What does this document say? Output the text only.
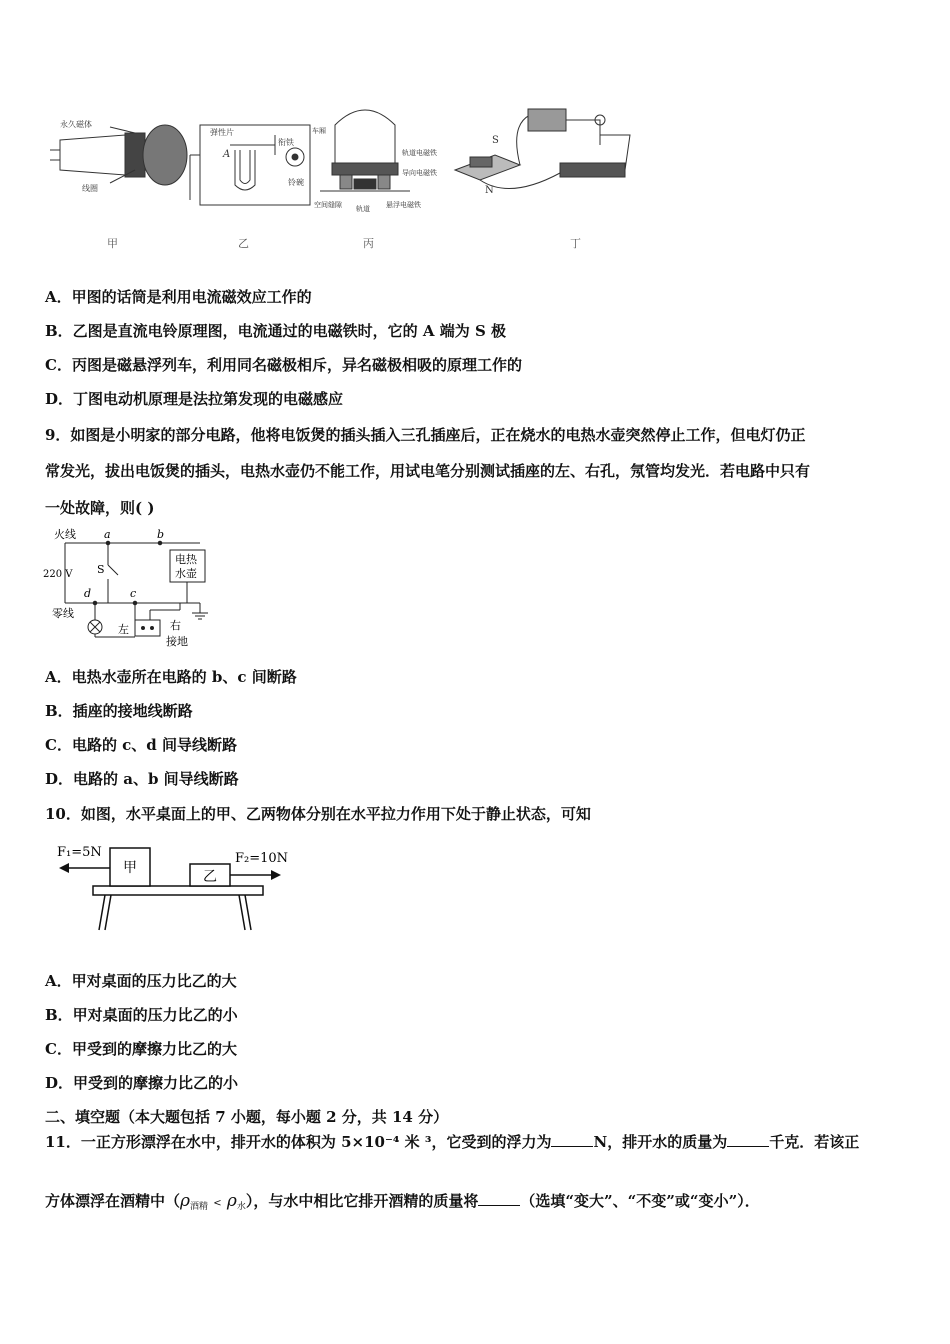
永久磁体
线圈
弹性片
衔铁
铃碗
A
车厢
轨道电磁铁
导向电磁铁
空间缝隙 轨道 悬浮电磁铁
S
N
甲	乙	丙	丁
A．甲图的话筒是利用电流磁效应工作的
B．乙图是直流电铃原理图，电流通过的电磁铁时，它的 A 端为 S 极
C．丙图是磁悬浮列车，利用同名磁极相斥，异名磁极相吸的原理工作的
D．丁图电动机原理是法拉第发现的电磁感应
9．如图是小明家的部分电路，他将电饭煲的插头插入三孔插座后，正在烧水的电热水壶突然停止工作，但电灯仍正
常发光，拔出电饭煲的插头，电热水壶仍不能工作，用试电笔分别测试插座的左、右孔，氖管均发光．若电路中只有
一处故障，则( )
火线
零线
220 V S
a	b
c
d
电热
水壶
左	右
接地
A．电热水壶所在电路的 b、c 间断路
B．插座的接地线断路
C．电路的 c、d 间导线断路
D．电路的 a、b 间导线断路
10．如图，水平桌面上的甲、乙两物体分别在水平拉力作用下处于静止状态，可知
F₁=5N	F₂=10N
甲
乙
A．甲对桌面的压力比乙的大
B．甲对桌面的压力比乙的小
C．甲受到的摩擦力比乙的大
D．甲受到的摩擦力比乙的小
二、填空题（本大题包括 7 小题，每小题 2 分，共 14 分）
11．一正方形漂浮在水中，排开水的体积为 5×10⁻⁴ 米 ³，它受到的浮力为	N，排开水的质量为	千克．若该正
方体漂浮在酒精中$(\rho_{酒精} < \rho_水)$，与水中相比它排开酒精的质量将	（选填“变大”、“不变”或“变小”）．
